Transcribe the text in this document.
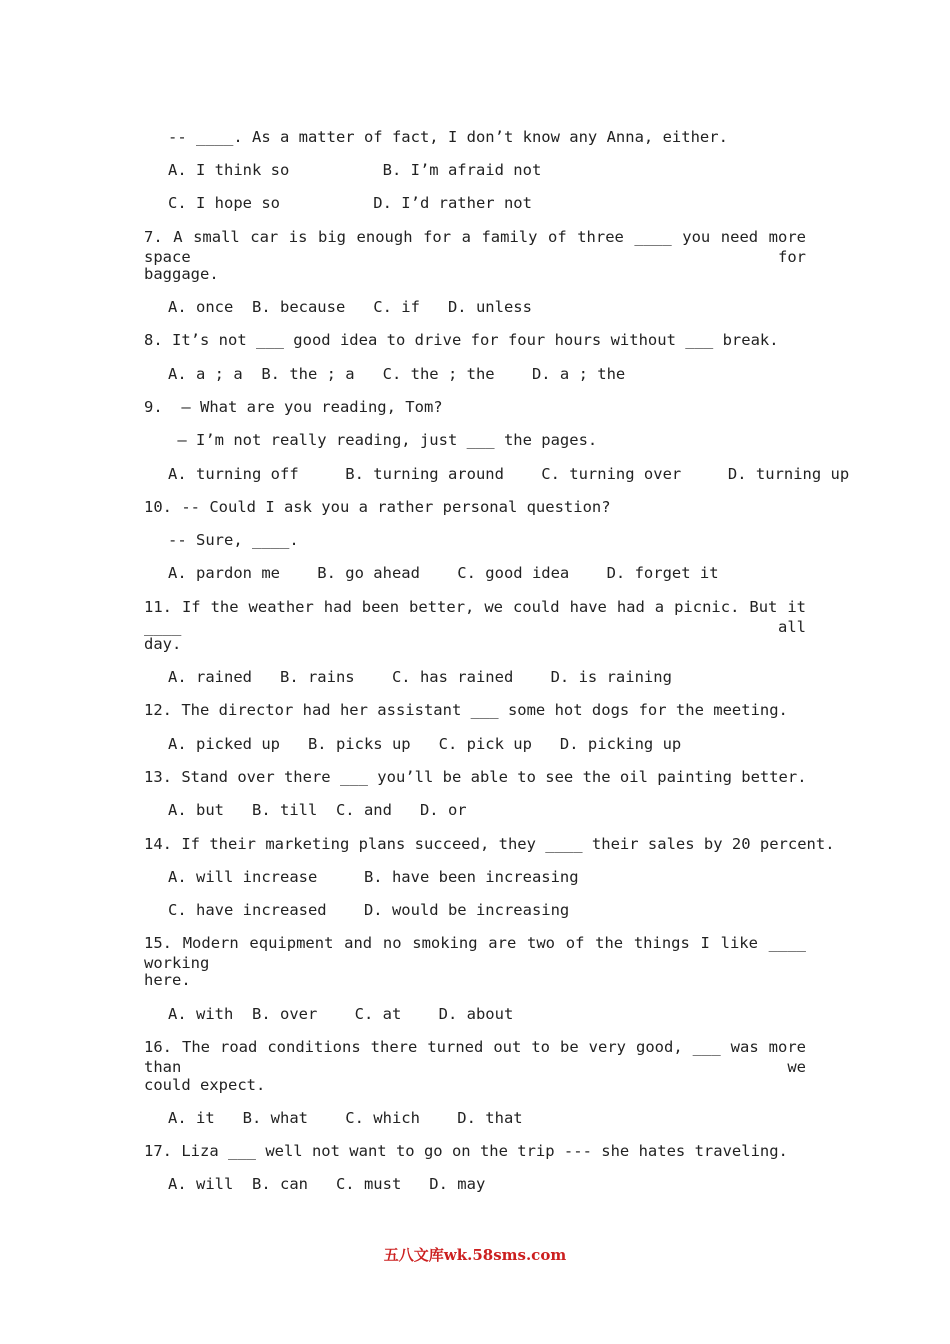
-- ____. As a matter of fact, I don’t know any Anna, either.
A. I think so          B. I’m afraid not
C. I hope so          D. I’d rather not
7. A small car is big enough for a family of three ____ you need more space for
baggage.
A. once  B. because   C. if   D. unless
8. It’s not ___ good idea to drive for four hours without ___ break.
A. a ; a  B. the ; a   C. the ; the    D. a ; the
9.  – What are you reading, Tom?
– I’m not really reading, just ___ the pages.
A. turning off     B. turning around    C. turning over     D. turning up
10. -- Could I ask you a rather personal question?
-- Sure, ____.
A. pardon me    B. go ahead    C. good idea    D. forget it
11. If the weather had been better, we could have had a picnic. But it ____ all
day.
A. rained   B. rains    C. has rained    D. is raining
12. The director had her assistant ___ some hot dogs for the meeting.
A. picked up   B. picks up   C. pick up   D. picking up
13. Stand over there ___ you’ll be able to see the oil painting better.
A. but   B. till  C. and   D. or
14. If their marketing plans succeed, they ____ their sales by 20 percent.
A. will increase     B. have been increasing
C. have increased    D. would be increasing
15. Modern equipment and no smoking are two of the things I like ____ working
here.
A. with  B. over    C. at    D. about
16. The road conditions there turned out to be very good, ___ was more than we
could expect.
A. it   B. what    C. which    D. that
17. Liza ___ well not want to go on the trip --- she hates traveling.
A. will  B. can   C. must   D. may
五八文库wk.58sms.com
